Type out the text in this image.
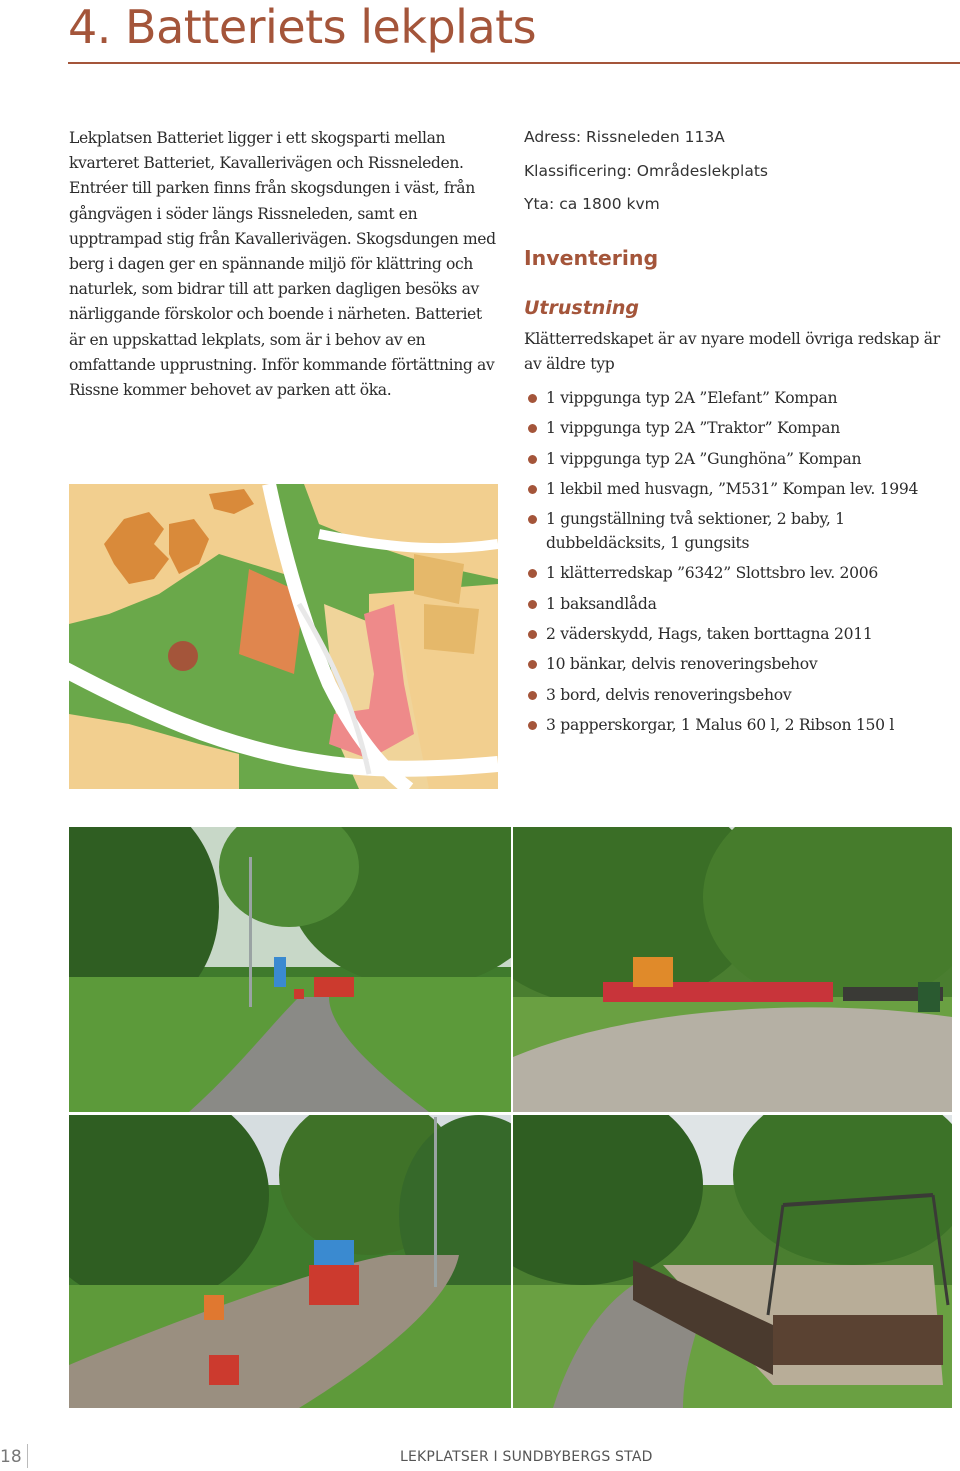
4. Batteriets lekplats

Lekplatsen Batteriet ligger i ett skogsparti mellan kvarteret Batteriet, Kavallerivägen och Rissneleden. Entréer till parken finns från skogsdungen i väst, från gångvägen i söder längs Rissneleden, samt en upptrampad stig från Kavallerivägen. Skogsdungen med berg i dagen ger en spännande miljö för klättring och naturlek, som bidrar till att parken dagligen besöks av närliggande förskolor och boende i närheten. Batteriet är en uppskattad lekplats, som är i behov av en omfattande upprustning. Inför kommande förtättning av Rissne kommer behovet av parken att öka.

Adress: Rissneleden 113A
Klassificering: Områdeslekplats
Yta: ca 1800 kvm
Inventering
Utrustning
Klätterredskapet är av nyare modell övriga redskap är av äldre typ
1 vippgunga typ 2A ”Elefant” Kompan
1 vippgunga typ 2A ”Traktor” Kompan
1 vippgunga typ 2A ”Gunghöna” Kompan
1 lekbil med husvagn, ”M531” Kompan lev. 1994
1 gungställning två sektioner, 2 baby, 1 dubbeldäcksits, 1 gungsits
1 klätterredskap ”6342” Slottsbro lev. 2006
1 baksandlåda
2 väderskydd, Hags, taken borttagna 2011
10 bänkar, delvis renoveringsbehov
3 bord, delvis renoveringsbehov
3 papperskorgar, 1 Malus 60 l, 2 Ribson 150 l
18	LEKPLATSER I SUNDBYBERGS STAD
